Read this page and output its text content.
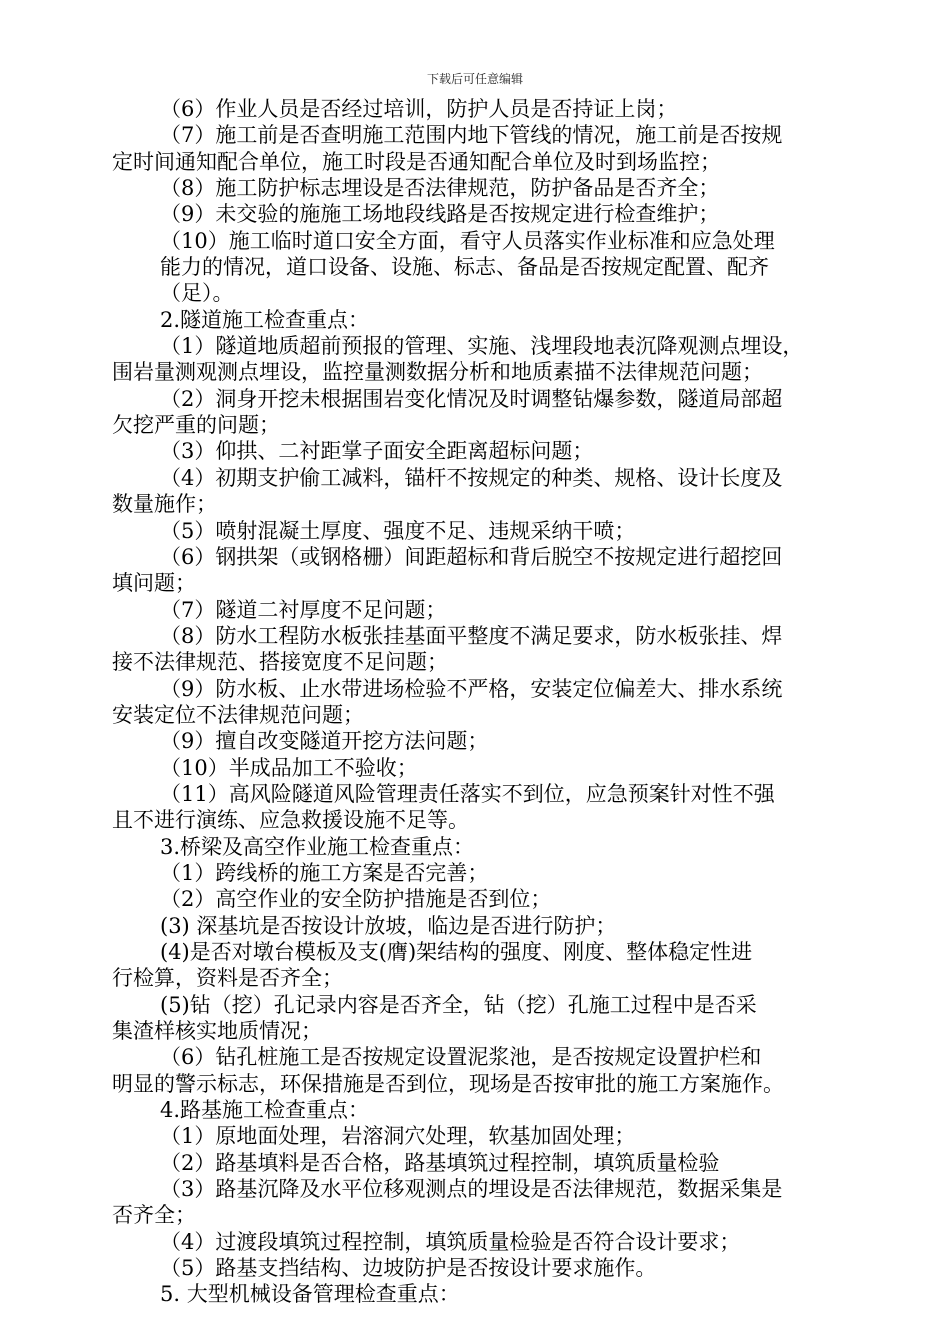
下载后可任意编辑
（6）作业人员是否经过培训，防护人员是否持证上岗；
（7）施工前是否查明施工范围内地下管线的情况，施工前是否按规
定时间通知配合单位，施工时段是否通知配合单位及时到场监控；
（8）施工防护标志埋设是否法律规范，防护备品是否齐全；
（9）未交验的施施工场地段线路是否按规定进行检查维护；
（10）施工临时道口安全方面，看守人员落实作业标准和应急处理
能力的情况，道口设备、设施、标志、备品是否按规定配置、配齐
（足）。
2.隧道施工检查重点：
（1）隧道地质超前预报的管理、实施、浅埋段地表沉降观测点埋设，
围岩量测观测点埋设，监控量测数据分析和地质素描不法律规范问题；
（2）洞身开挖未根据围岩变化情况及时调整钻爆参数，隧道局部超
欠挖严重的问题；
（3）仰拱、二衬距掌子面安全距离超标问题；
（4）初期支护偷工减料，锚杆不按规定的种类、规格、设计长度及
数量施作；
（5）喷射混凝土厚度、强度不足、违规采纳干喷；
（6）钢拱架（或钢格栅）间距超标和背后脱空不按规定进行超挖回
填问题；
（7）隧道二衬厚度不足问题；
（8）防水工程防水板张挂基面平整度不满足要求，防水板张挂、焊
接不法律规范、搭接宽度不足问题；
（9）防水板、止水带进场检验不严格，安装定位偏差大、排水系统
安装定位不法律规范问题；
（9）擅自改变隧道开挖方法问题；
（10）半成品加工不验收；
（11）高风险隧道风险管理责任落实不到位，应急预案针对性不强
且不进行演练、应急救援设施不足等。
3.桥梁及高空作业施工检查重点：
（1）跨线桥的施工方案是否完善；
（2）高空作业的安全防护措施是否到位；
(3) 深基坑是否按设计放坡，临边是否进行防护；
(4)是否对墩台模板及支(膺)架结构的强度、刚度、整体稳定性进
行检算，资料是否齐全；
(5)钻（挖）孔记录内容是否齐全，钻（挖）孔施工过程中是否采
集渣样核实地质情况；
（6）钻孔桩施工是否按规定设置泥浆池，是否按规定设置护栏和
明显的警示标志，环保措施是否到位，现场是否按审批的施工方案施作。
4.路基施工检查重点：
（1）原地面处理，岩溶洞穴处理，软基加固处理；
（2）路基填料是否合格，路基填筑过程控制，填筑质量检验
（3）路基沉降及水平位移观测点的埋设是否法律规范，数据采集是
否齐全；
（4）过渡段填筑过程控制，填筑质量检验是否符合设计要求；
（5）路基支挡结构、边坡防护是否按设计要求施作。
5. 大型机械设备管理检查重点：
